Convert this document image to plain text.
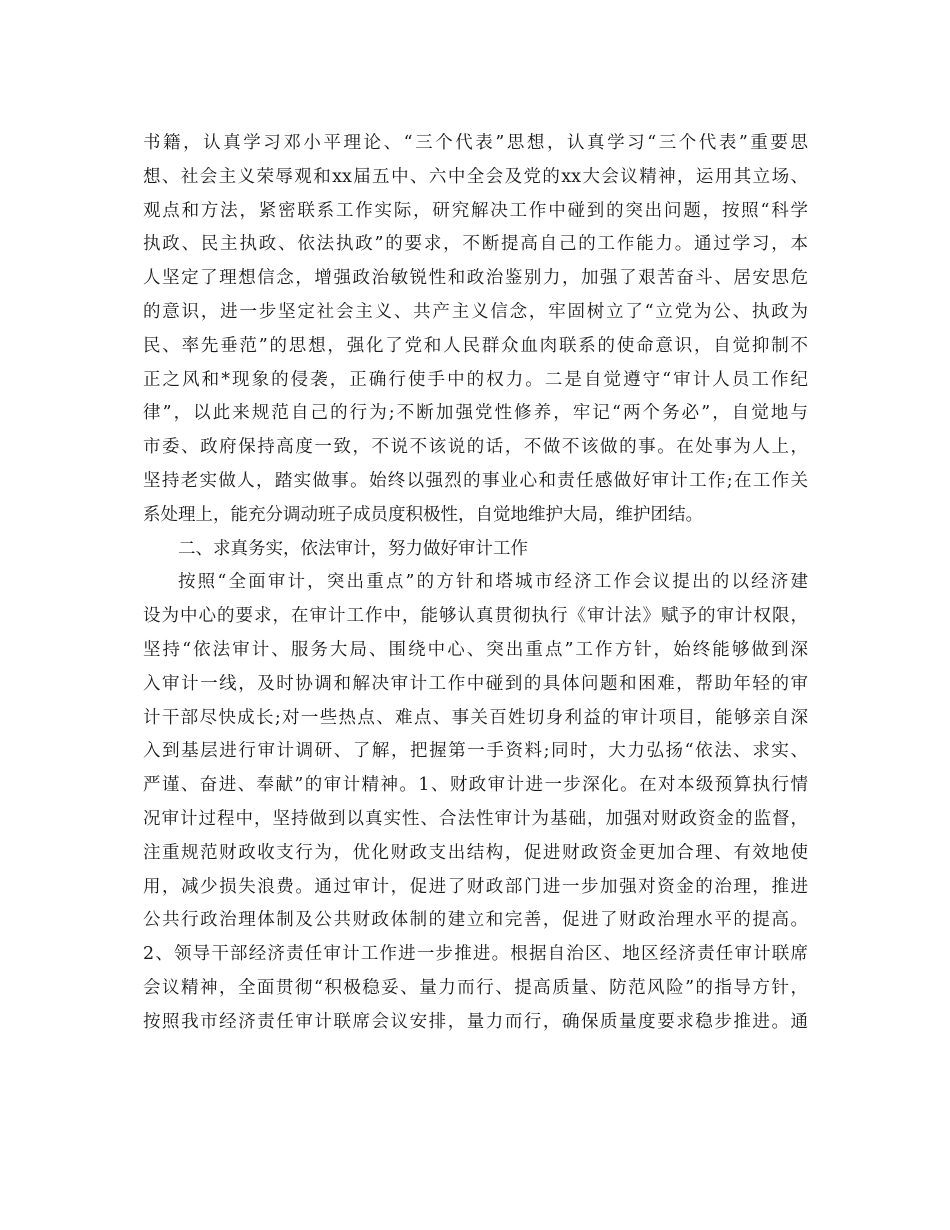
书籍，认真学习邓小平理论、“三个代表”思想，认真学习“三个代表”重要思
想、社会主义荣辱观和xx届五中、六中全会及党的xx大会议精神，运用其立场、
观点和方法，紧密联系工作实际，研究解决工作中碰到的突出问题，按照“科学
执政、民主执政、依法执政”的要求，不断提高自己的工作能力。通过学习，本
人坚定了理想信念，增强政治敏锐性和政治鉴别力，加强了艰苦奋斗、居安思危
的意识，进一步坚定社会主义、共产主义信念，牢固树立了“立党为公、执政为
民、率先垂范”的思想，强化了党和人民群众血肉联系的使命意识，自觉抑制不
正之风和*现象的侵袭，正确行使手中的权力。二是自觉遵守“审计人员工作纪
律”，以此来规范自己的行为;不断加强党性修养，牢记“两个务必”，自觉地与
市委、政府保持高度一致，不说不该说的话，不做不该做的事。在处事为人上，
坚持老实做人，踏实做事。始终以强烈的事业心和责任感做好审计工作;在工作关
系处理上，能充分调动班子成员度积极性，自觉地维护大局，维护团结。
二、求真务实，依法审计，努力做好审计工作
按照“全面审计，突出重点”的方针和塔城市经济工作会议提出的以经济建
设为中心的要求，在审计工作中，能够认真贯彻执行《审计法》赋予的审计权限，
坚持“依法审计、服务大局、围绕中心、突出重点”工作方针，始终能够做到深
入审计一线，及时协调和解决审计工作中碰到的具体问题和困难，帮助年轻的审
计干部尽快成长;对一些热点、难点、事关百姓切身利益的审计项目，能够亲自深
入到基层进行审计调研、了解，把握第一手资料;同时，大力弘扬“依法、求实、
严谨、奋进、奉献”的审计精神。1、财政审计进一步深化。在对本级预算执行情
况审计过程中，坚持做到以真实性、合法性审计为基础，加强对财政资金的监督，
注重规范财政收支行为，优化财政支出结构，促进财政资金更加合理、有效地使
用，减少损失浪费。通过审计，促进了财政部门进一步加强对资金的治理，推进
公共行政治理体制及公共财政体制的建立和完善，促进了财政治理水平的提高。
2、领导干部经济责任审计工作进一步推进。根据自治区、地区经济责任审计联席
会议精神，全面贯彻“积极稳妥、量力而行、提高质量、防范风险”的指导方针，
按照我市经济责任审计联席会议安排，量力而行，确保质量度要求稳步推进。通
